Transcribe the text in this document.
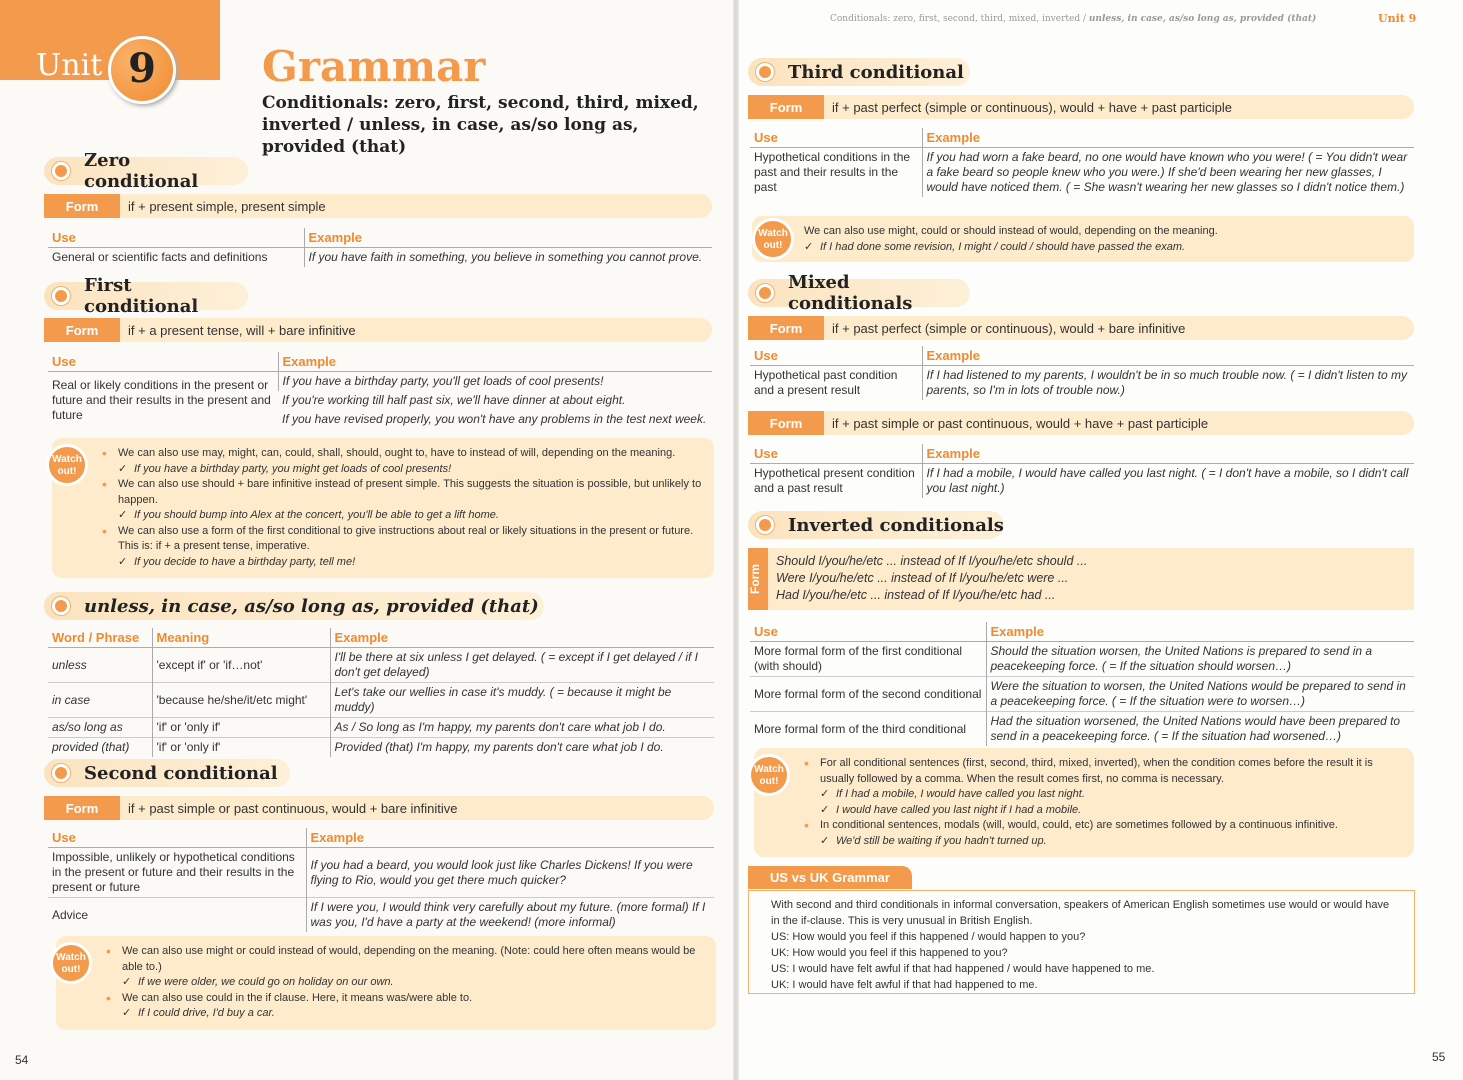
Unit 9	Grammar
Conditionals: zero, first, second, third, mixed, inverted / unless, in case, as/so long as, provided (that)
Zero conditional
Form	if + present simple, present simple
Use	Example
General or scientific facts and definitions	If you have faith in something, you believe in something you cannot prove.
First conditional
Form	if + a present tense, will + bare infinitive
Use	Example
Real or likely conditions in the present or future and their results in the present and future	If you have a birthday party, you'll get loads of cool presents!
	If you're working till half past six, we'll have dinner at about eight.
	If you have revised properly, you won't have any problems in the test next week.
Watch out!
• We can also use may, might, can, could, shall, should, ought to, have to instead of will, depending on the meaning.
✓ If you have a birthday party, you might get loads of cool presents!
• We can also use should + bare infinitive instead of present simple. This suggests the situation is possible, but unlikely to happen.
✓ If you should bump into Alex at the concert, you'll be able to get a lift home.
• We can also use a form of the first conditional to give instructions about real or likely situations in the present or future. This is: if + a present tense, imperative.
✓ If you decide to have a birthday party, tell me!
unless, in case, as/so long as, provided (that)
Word / Phrase	Meaning	Example
unless	'except if' or 'if…not'	I'll be there at six unless I get delayed. ( = except if I get delayed / if I don't get delayed)
in case	'because he/she/it/etc might'	Let's take our wellies in case it's muddy. ( = because it might be muddy)
as/so long as	'if' or 'only if'	As / So long as I'm happy, my parents don't care what job I do.
provided (that)	'if' or 'only if'	Provided (that) I'm happy, my parents don't care what job I do.
Second conditional
Form	if + past simple or past continuous, would + bare infinitive
Use	Example
Impossible, unlikely or hypothetical conditions in the present or future and their results in the present or future	If you had a beard, you would look just like Charles Dickens! If you were flying to Rio, would you get there much quicker?
Advice	If I were you, I would think very carefully about my future. (more formal) If I was you, I'd have a party at the weekend! (more informal)
Watch out!
• We can also use might or could instead of would, depending on the meaning. (Note: could here often means would be able to.)
✓ If we were older, we could go on holiday on our own.
• We can also use could in the if clause. Here, it means was/were able to.
✓ If I could drive, I'd buy a car.
54
Conditionals: zero, first, second, third, mixed, inverted / unless, in case, as/so long as, provided (that)	Unit 9
Third conditional
Form	if + past perfect (simple or continuous), would + have + past participle
Use	Example
Hypothetical conditions in the past and their results in the past	If you had worn a fake beard, no one would have known who you were! ( = You didn't wear a fake beard so people knew who you were.) If she'd been wearing her new glasses, I would have noticed them. ( = She wasn't wearing her new glasses so I didn't notice them.)
Watch out!
We can also use might, could or should instead of would, depending on the meaning.
✓ If I had done some revision, I might / could / should have passed the exam.
Mixed conditionals
Form	if + past perfect (simple or continuous), would + bare infinitive
Use	Example
Hypothetical past condition and a present result	If I had listened to my parents, I wouldn't be in so much trouble now. ( = I didn't listen to my parents, so I'm in lots of trouble now.)
Form	if + past simple or past continuous, would + have + past participle
Use	Example
Hypothetical present condition and a past result	If I had a mobile, I would have called you last night. ( = I don't have a mobile, so I didn't call you last night.)
Inverted conditionals
Form
Should I/you/he/etc ... instead of If I/you/he/etc should ...
Were I/you/he/etc ... instead of If I/you/he/etc were ...
Had I/you/he/etc ... instead of If I/you/he/etc had ...
Use	Example
More formal form of the first conditional (with should)	Should the situation worsen, the United Nations is prepared to send in a peacekeeping force. ( = If the situation should worsen…)
More formal form of the second conditional	Were the situation to worsen, the United Nations would be prepared to send in a peacekeeping force. ( = If the situation were to worsen…)
More formal form of the third conditional	Had the situation worsened, the United Nations would have been prepared to send in a peacekeeping force. ( = If the situation had worsened…)
Watch out!
• For all conditional sentences (first, second, third, mixed, inverted), when the condition comes before the result it is usually followed by a comma. When the result comes first, no comma is necessary.
✓ If I had a mobile, I would have called you last night.
✓ I would have called you last night if I had a mobile.
• In conditional sentences, modals (will, would, could, etc) are sometimes followed by a continuous infinitive.
✓ We'd still be waiting if you hadn't turned up.
US vs UK Grammar
With second and third conditionals in informal conversation, speakers of American English sometimes use would or would have in the if-clause. This is very unusual in British English.
US: How would you feel if this happened / would happen to you?
UK: How would you feel if this happened to you?
US: I would have felt awful if that had happened / would have happened to me.
UK: I would have felt awful if that had happened to me.
55
